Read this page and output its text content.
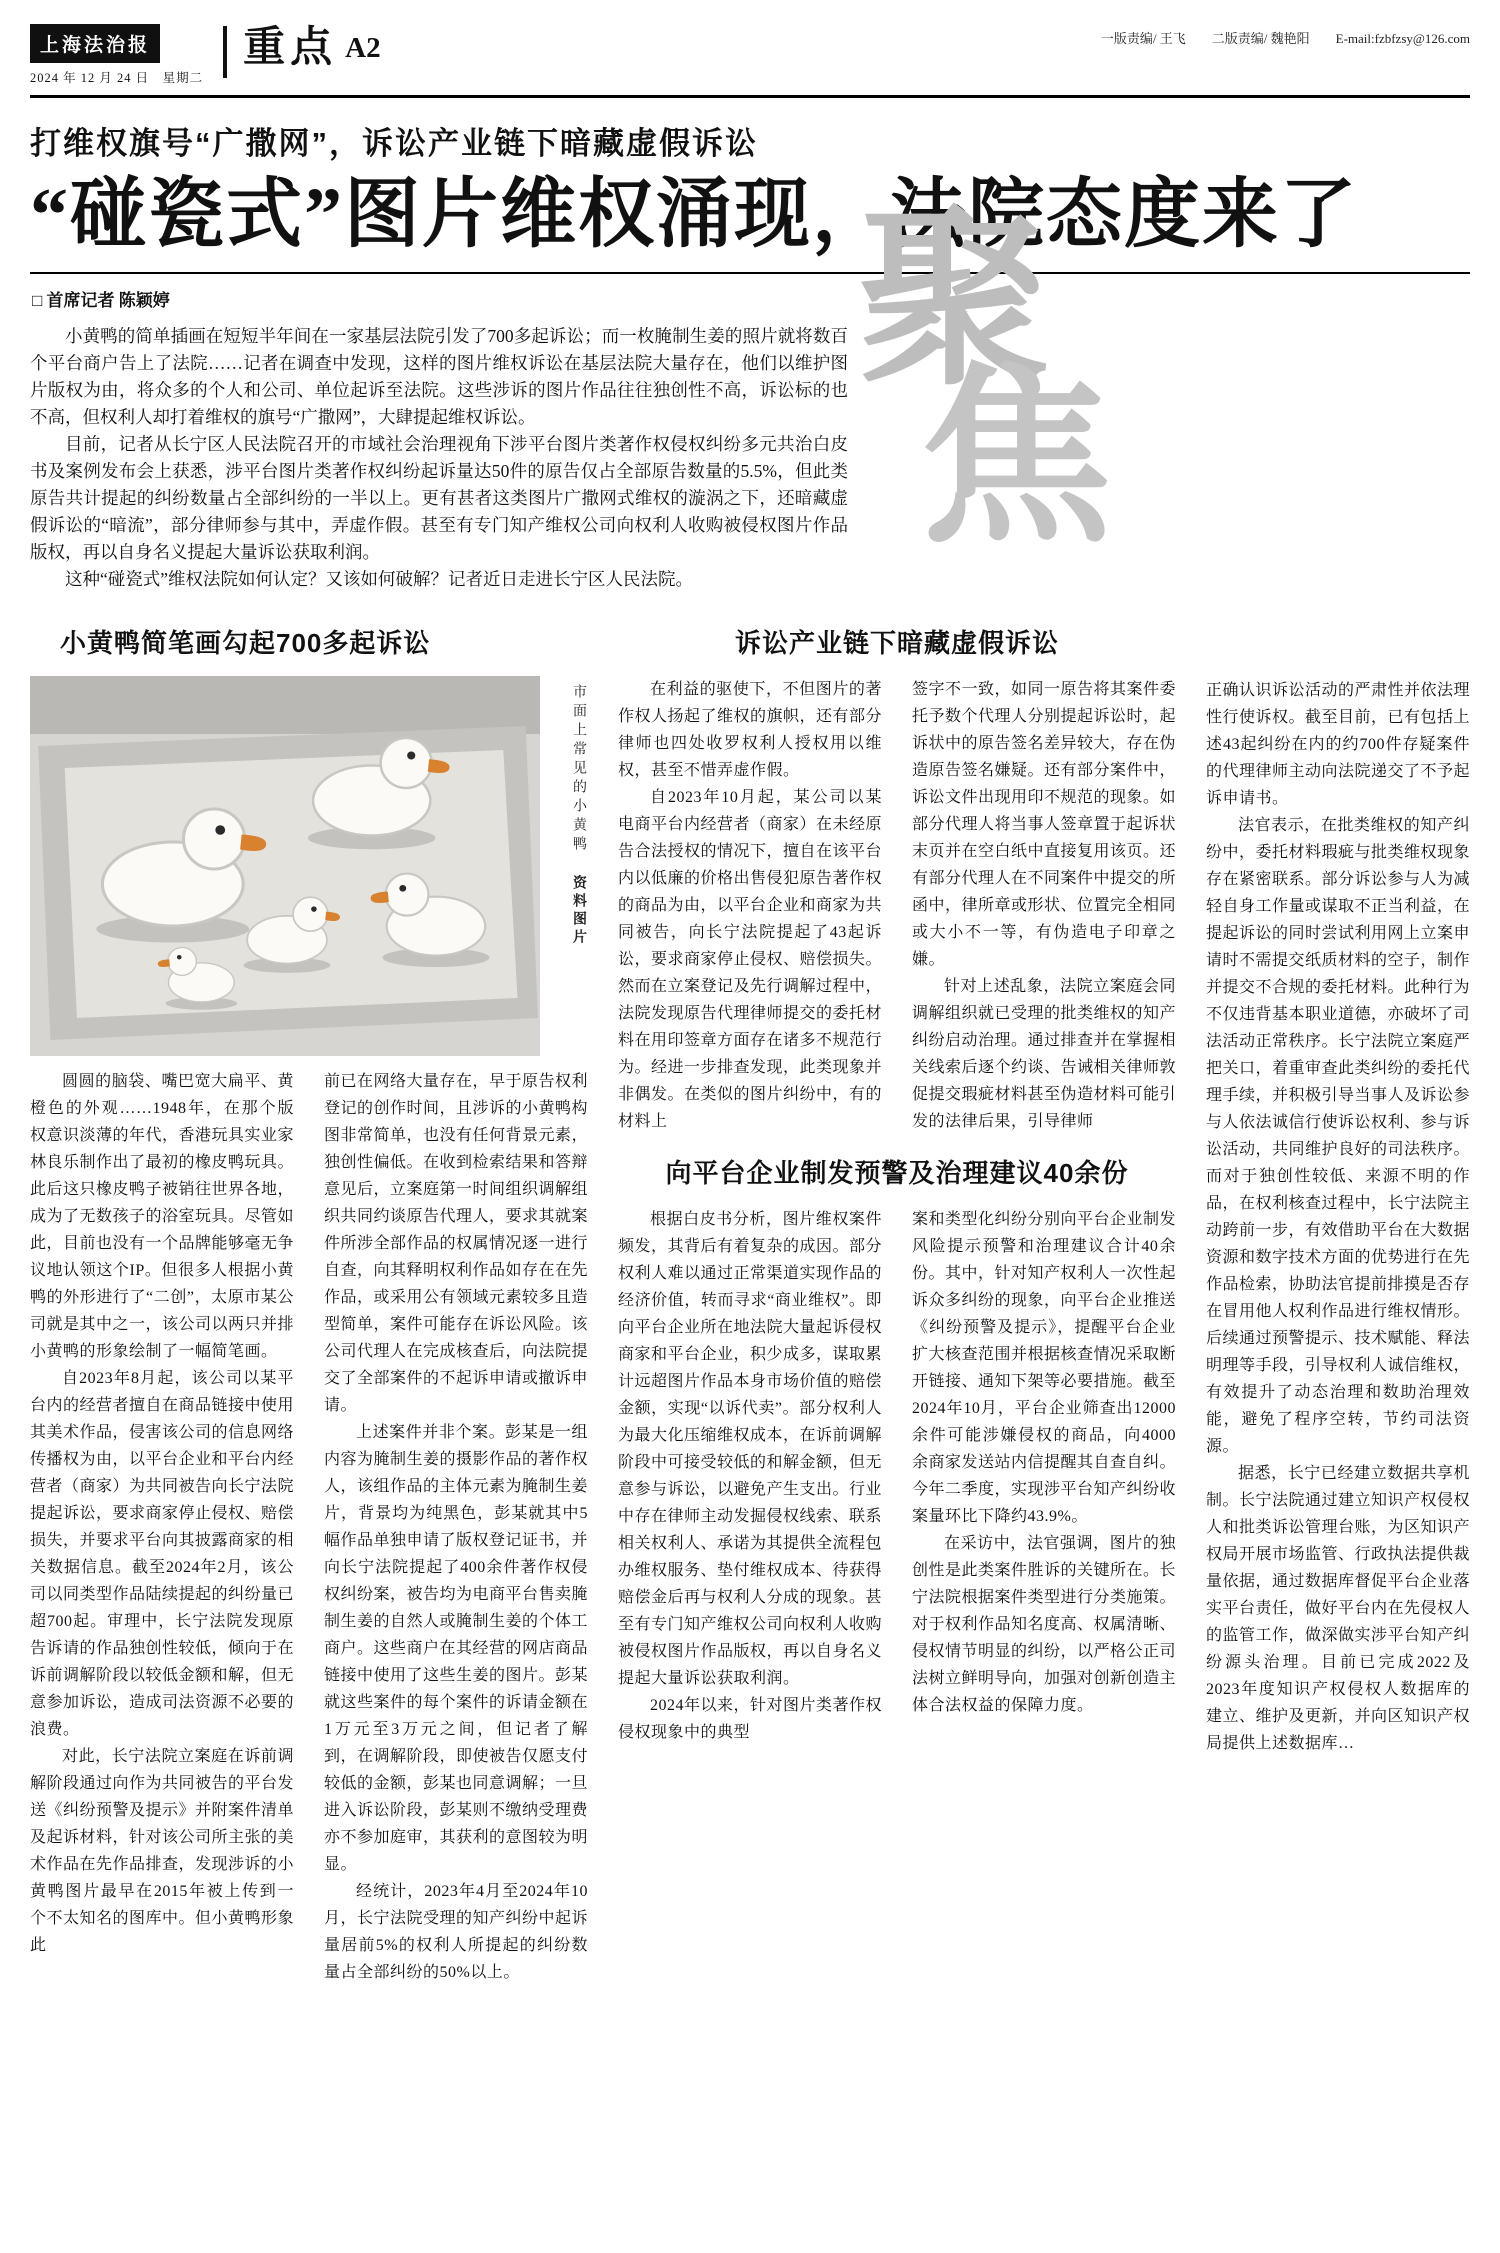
上海法治报
2024 年 12 月 24 日　星期二
重点 A2	一版责编/ 王飞　　二版责编/ 魏艳阳　　E-mail:fzbfzsy@126.com
打维权旗号“广撒网”，诉讼产业链下暗藏虚假诉讼
“碰瓷式”图片维权涌现，法院态度来了
□ 首席记者 陈颖婷

小黄鸭的简单插画在短短半年间在一家基层法院引发了700多起诉讼；而一枚腌制生姜的照片就将数百个平台商户告上了法院……记者在调查中发现，这样的图片维权诉讼在基层法院大量存在，他们以维护图片版权为由，将众多的个人和公司、单位起诉至法院。这些涉诉的图片作品往往独创性不高，诉讼标的也不高，但权利人却打着维权的旗号“广撒网”，大肆提起维权诉讼。

目前，记者从长宁区人民法院召开的市域社会治理视角下涉平台图片类著作权侵权纠纷多元共治白皮书及案例发布会上获悉，涉平台图片类著作权纠纷起诉量达50件的原告仅占全部原告数量的5.5%，但此类原告共计提起的纠纷数量占全部纠纷的一半以上。更有甚者这类图片广撒网式维权的漩涡之下，还暗藏虚假诉讼的“暗流”，部分律师参与其中，弄虚作假。甚至有专门知产维权公司向权利人收购被侵权图片作品版权，再以自身名义提起大量诉讼获取利润。

这种“碰瓷式”维权法院如何认定？又该如何破解？记者近日走进长宁区人民法院。

聚
焦
小黄鸭简笔画勾起700多起诉讼
市面上常见的小黄鸭 资料图片

圆圆的脑袋、嘴巴宽大扁平、黄橙色的外观……1948年，在那个版权意识淡薄的年代，香港玩具实业家林良乐制作出了最初的橡皮鸭玩具。此后这只橡皮鸭子被销往世界各地，成为了无数孩子的浴室玩具。尽管如此，目前也没有一个品牌能够毫无争议地认领这个IP。但很多人根据小黄鸭的外形进行了“二创”，太原市某公司就是其中之一，该公司以两只并排小黄鸭的形象绘制了一幅简笔画。

自2023年8月起，该公司以某平台内的经营者擅自在商品链接中使用其美术作品，侵害该公司的信息网络传播权为由，以平台企业和平台内经营者（商家）为共同被告向长宁法院提起诉讼，要求商家停止侵权、赔偿损失，并要求平台向其披露商家的相关数据信息。截至2024年2月，该公司以同类型作品陆续提起的纠纷量已超700起。审理中，长宁法院发现原告诉请的作品独创性较低，倾向于在诉前调解阶段以较低金额和解，但无意参加诉讼，造成司法资源不必要的浪费。

对此，长宁法院立案庭在诉前调解阶段通过向作为共同被告的平台发送《纠纷预警及提示》并附案件清单及起诉材料，针对该公司所主张的美术作品在先作品排查，发现涉诉的小黄鸭图片最早在2015年被上传到一个不太知名的图库中。但小黄鸭形象此

前已在网络大量存在，早于原告权利登记的创作时间，且涉诉的小黄鸭构图非常简单，也没有任何背景元素，独创性偏低。在收到检索结果和答辩意见后，立案庭第一时间组织调解组织共同约谈原告代理人，要求其就案件所涉全部作品的权属情况逐一进行自查，向其释明权利作品如存在在先作品，或采用公有领域元素较多且造型简单，案件可能存在诉讼风险。该公司代理人在完成核查后，向法院提交了全部案件的不起诉申请或撤诉申请。

上述案件并非个案。彭某是一组内容为腌制生姜的摄影作品的著作权人，该组作品的主体元素为腌制生姜片，背景均为纯黑色，彭某就其中5幅作品单独申请了版权登记证书，并向长宁法院提起了400余件著作权侵权纠纷案，被告均为电商平台售卖腌制生姜的自然人或腌制生姜的个体工商户。这些商户在其经营的网店商品链接中使用了这些生姜的图片。彭某就这些案件的每个案件的诉请金额在1万元至3万元之间，但记者了解到，在调解阶段，即使被告仅愿支付较低的金额，彭某也同意调解；一旦进入诉讼阶段，彭某则不缴纳受理费亦不参加庭审，其获利的意图较为明显。

经统计，2023年4月至2024年10月，长宁法院受理的知产纠纷中起诉量居前5%的权利人所提起的纠纷数量占全部纠纷的50%以上。

诉讼产业链下暗藏虚假诉讼

在利益的驱使下，不但图片的著作权人扬起了维权的旗帜，还有部分律师也四处收罗权利人授权用以维权，甚至不惜弄虚作假。

自2023年10月起，某公司以某电商平台内经营者（商家）在未经原告合法授权的情况下，擅自在该平台内以低廉的价格出售侵犯原告著作权的商品为由，以平台企业和商家为共同被告，向长宁法院提起了43起诉讼，要求商家停止侵权、赔偿损失。然而在立案登记及先行调解过程中，法院发现原告代理律师提交的委托材料在用印签章方面存在诸多不规范行为。经进一步排查发现，此类现象并非偶发。在类似的图片纠纷中，有的材料上

签字不一致，如同一原告将其案件委托予数个代理人分别提起诉讼时，起诉状中的原告签名差异较大，存在伪造原告签名嫌疑。还有部分案件中，诉讼文件出现用印不规范的现象。如部分代理人将当事人签章置于起诉状末页并在空白纸中直接复用该页。还有部分代理人在不同案件中提交的所函中，律所章或形状、位置完全相同或大小不一等，有伪造电子印章之嫌。

针对上述乱象，法院立案庭会同调解组织就已受理的批类维权的知产纠纷启动治理。通过排查并在掌握相关线索后逐个约谈、告诫相关律师敦促提交瑕疵材料甚至伪造材料可能引发的法律后果，引导律师

向平台企业制发预警及治理建议40余份

根据白皮书分析，图片维权案件频发，其背后有着复杂的成因。部分权利人难以通过正常渠道实现作品的经济价值，转而寻求“商业维权”。即向平台企业所在地法院大量起诉侵权商家和平台企业，积少成多，谋取累计远超图片作品本身市场价值的赔偿金额，实现“以诉代卖”。部分权利人为最大化压缩维权成本，在诉前调解阶段中可接受较低的和解金额，但无意参与诉讼，以避免产生支出。行业中存在律师主动发掘侵权线索、联系相关权利人、承诺为其提供全流程包办维权服务、垫付维权成本、待获得赔偿金后再与权利人分成的现象。甚至有专门知产维权公司向权利人收购被侵权图片作品版权，再以自身名义提起大量诉讼获取利润。

2024年以来，针对图片类著作权侵权现象中的典型

案和类型化纠纷分别向平台企业制发风险提示预警和治理建议合计40余份。其中，针对知产权利人一次性起诉众多纠纷的现象，向平台企业推送《纠纷预警及提示》，提醒平台企业扩大核查范围并根据核查情况采取断开链接、通知下架等必要措施。截至2024年10月，平台企业筛查出12000余件可能涉嫌侵权的商品，向4000余商家发送站内信提醒其自查自纠。今年二季度，实现涉平台知产纠纷收案量环比下降约43.9%。

在采访中，法官强调，图片的独创性是此类案件胜诉的关键所在。长宁法院根据案件类型进行分类施策。对于权利作品知名度高、权属清晰、侵权情节明显的纠纷，以严格公正司法树立鲜明导向，加强对创新创造主体合法权益的保障力度。

正确认识诉讼活动的严肃性并依法理性行使诉权。截至目前，已有包括上述43起纠纷在内的约700件存疑案件的代理律师主动向法院递交了不予起诉申请书。

法官表示，在批类维权的知产纠纷中，委托材料瑕疵与批类维权现象存在紧密联系。部分诉讼参与人为减轻自身工作量或谋取不正当利益，在提起诉讼的同时尝试利用网上立案申请时不需提交纸质材料的空子，制作并提交不合规的委托材料。此种行为不仅违背基本职业道德，亦破坏了司法活动正常秩序。长宁法院立案庭严把关口，着重审查此类纠纷的委托代理手续，并积极引导当事人及诉讼参与人依法诚信行使诉讼权利、参与诉讼活动，共同维护良好的司法秩序。

而对于独创性较低、来源不明的作品，在权利核查过程中，长宁法院主动跨前一步，有效借助平台在大数据资源和数字技术方面的优势进行在先作品检索，协助法官提前排摸是否存在冒用他人权利作品进行维权情形。后续通过预警提示、技术赋能、释法明理等手段，引导权利人诚信维权，有效提升了动态治理和数助治理效能，避免了程序空转，节约司法资源。

据悉，长宁已经建立数据共享机制。长宁法院通过建立知识产权侵权人和批类诉讼管理台账，为区知识产权局开展市场监管、行政执法提供裁量依据，通过数据库督促平台企业落实平台责任，做好平台内在先侵权人的监管工作，做深做实涉平台知产纠纷源头治理。目前已完成2022及2023年度知识产权侵权人数据库的建立、维护及更新，并向区知识产权局提供上述数据库…
